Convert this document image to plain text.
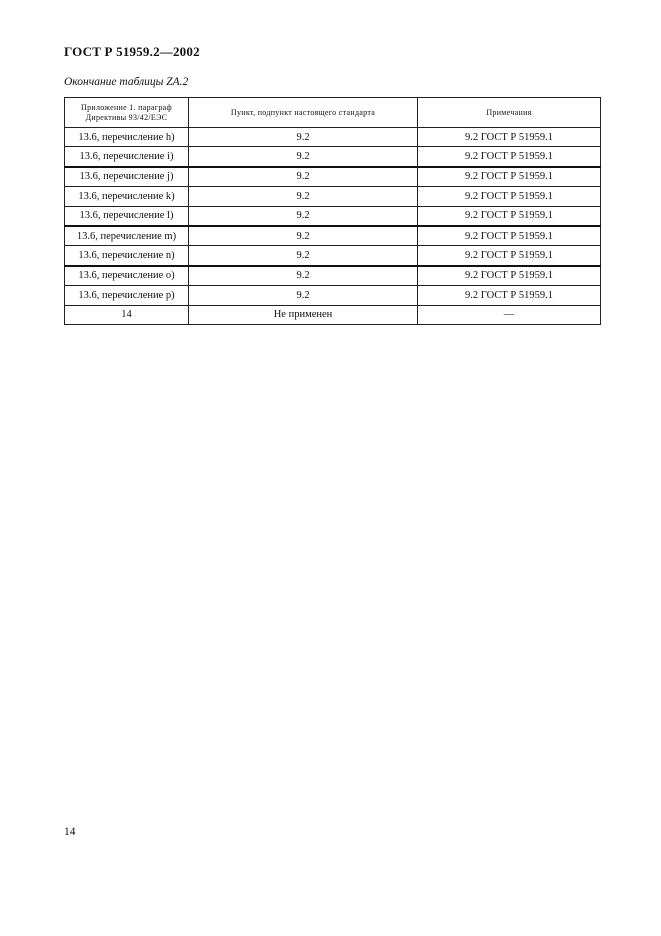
ГОСТ Р 51959.2—2002
Окончание таблицы ZA.2
Приложение 1. параграф
Директивы 93/42/ЕЭС	Пункт, подпункт настоящего стандарта	Примечания
13.6, перечисление h)	9.2	9.2 ГОСТ Р 51959.1
13.6, перечисление i)	9.2	9.2 ГОСТ Р 51959.1
13.6, перечисление j)	9.2	9.2 ГОСТ Р 51959.1
13.6, перечисление k)	9.2	9.2 ГОСТ Р 51959.1
13.6, перечисление l)	9.2	9.2 ГОСТ Р 51959.1
13.6, перечисление m)	9.2	9.2 ГОСТ Р 51959.1
13.6, перечисление n)	9.2	9.2 ГОСТ Р 51959.1
13.6, перечисление o)	9.2	9.2 ГОСТ Р 51959.1
13.6, перечисление p)	9.2	9.2 ГОСТ Р 51959.1
14	Не применен	—
14
